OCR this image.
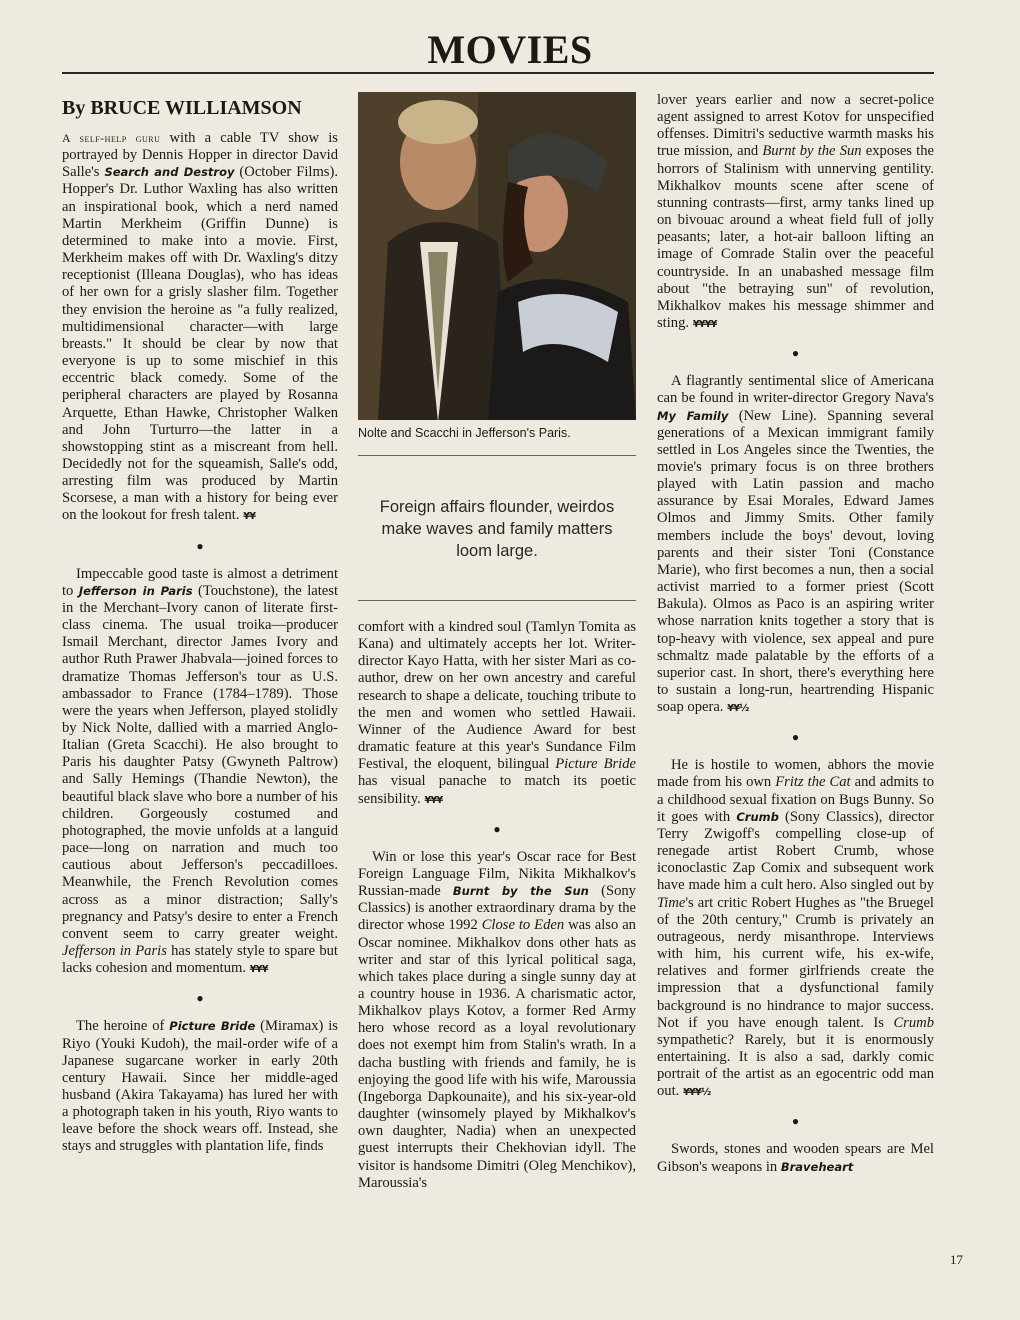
MOVIES
By BRUCE WILLIAMSON

A self-help guru with a cable TV show is portrayed by Dennis Hopper in director David Salle's Search and Destroy (October Films). Hopper's Dr. Luthor Waxling has also written an inspirational book, which a nerd named Martin Merkheim (Griffin Dunne) is determined to make into a movie. First, Merkheim makes off with Dr. Waxling's ditzy receptionist (Illeana Douglas), who has ideas of her own for a grisly slasher film. Together they envision the heroine as "a fully realized, multidimensional character—with large breasts." It should be clear by now that everyone is up to some mischief in this eccentric black comedy. Some of the peripheral characters are played by Rosanna Arquette, Ethan Hawke, Christopher Walken and John Turturro—the latter in a showstopping stint as a miscreant from hell. Decidedly not for the squeamish, Salle's odd, arresting film was produced by Martin Scorsese, a man with a history for being ever on the lookout for fresh talent. ¥¥

●

Impeccable good taste is almost a detriment to Jefferson in Paris (Touchstone), the latest in the Merchant–Ivory canon of literate first-class cinema. The usual troika—producer Ismail Merchant, director James Ivory and author Ruth Prawer Jhabvala—joined forces to dramatize Thomas Jefferson's tour as U.S. ambassador to France (1784–1789). Those were the years when Jefferson, played stolidly by Nick Nolte, dallied with a married Anglo-Italian (Greta Scacchi). He also brought to Paris his daughter Patsy (Gwyneth Paltrow) and Sally Hemings (Thandie Newton), the beautiful black slave who bore a number of his children. Gorgeously costumed and photographed, the movie unfolds at a languid pace—long on narration and much too cautious about Jefferson's peccadilloes. Meanwhile, the French Revolution comes across as a minor distraction; Sally's pregnancy and Patsy's desire to enter a French convent seem to carry greater weight. Jefferson in Paris has stately style to spare but lacks cohesion and momentum. ¥¥¥

●

The heroine of Picture Bride (Miramax) is Riyo (Youki Kudoh), the mail-order wife of a Japanese sugarcane worker in early 20th century Hawaii. Since her middle-aged husband (Akira Takayama) has lured her with a photograph taken in his youth, Riyo wants to leave before the shock wears off. Instead, she stays and struggles with plantation life, finds

Nolte and Scacchi in Jefferson's Paris.
Foreign affairs flounder, weirdos make waves and family matters loom large.

comfort with a kindred soul (Tamlyn Tomita as Kana) and ultimately accepts her lot. Writer-director Kayo Hatta, with her sister Mari as co-author, drew on her own ancestry and careful research to shape a delicate, touching tribute to the men and women who settled Hawaii. Winner of the Audience Award for best dramatic feature at this year's Sundance Film Festival, the eloquent, bilingual Picture Bride has visual panache to match its poetic sensibility. ¥¥¥

●

Win or lose this year's Oscar race for Best Foreign Language Film, Nikita Mikhalkov's Russian-made Burnt by the Sun (Sony Classics) is another extraordinary drama by the director whose 1992 Close to Eden was also an Oscar nominee. Mikhalkov dons other hats as writer and star of this lyrical political saga, which takes place during a single sunny day at a country house in 1936. A charismatic actor, Mikhalkov plays Kotov, a former Red Army hero whose record as a loyal revolutionary does not exempt him from Stalin's wrath. In a dacha bustling with friends and family, he is enjoying the good life with his wife, Maroussia (Ingeborga Dapkounaite), and his six-year-old daughter (winsomely played by Mikhalkov's own daughter, Nadia) when an unexpected guest interrupts their Chekhovian idyll. The visitor is handsome Dimitri (Oleg Menchikov), Maroussia's

lover years earlier and now a secret-police agent assigned to arrest Kotov for unspecified offenses. Dimitri's seductive warmth masks his true mission, and Burnt by the Sun exposes the horrors of Stalinism with unnerving gentility. Mikhalkov mounts scene after scene of stunning contrasts—first, army tanks lined up on bivouac around a wheat field full of jolly peasants; later, a hot-air balloon lifting an image of Comrade Stalin over the peaceful countryside. In an unabashed message film about "the betraying sun" of revolution, Mikhalkov makes his message shimmer and sting. ¥¥¥¥

●

A flagrantly sentimental slice of Americana can be found in writer-director Gregory Nava's My Family (New Line). Spanning several generations of a Mexican immigrant family settled in Los Angeles since the Twenties, the movie's primary focus is on three brothers played with Latin passion and macho assurance by Esai Morales, Edward James Olmos and Jimmy Smits. Other family members include the boys' devout, loving parents and their sister Toni (Constance Marie), who first becomes a nun, then a social activist married to a former priest (Scott Bakula). Olmos as Paco is an aspiring writer whose narration knits together a story that is top-heavy with violence, sex appeal and pure schmaltz made palatable by the efforts of a superior cast. In short, there's everything here to sustain a long-run, heartrending Hispanic soap opera. ¥¥½

●

He is hostile to women, abhors the movie made from his own Fritz the Cat and admits to a childhood sexual fixation on Bugs Bunny. So it goes with Crumb (Sony Classics), director Terry Zwigoff's compelling close-up of renegade artist Robert Crumb, whose iconoclastic Zap Comix and subsequent work have made him a cult hero. Also singled out by Time's art critic Robert Hughes as "the Bruegel of the 20th century," Crumb is privately an outrageous, nerdy misanthrope. Interviews with him, his current wife, his ex-wife, relatives and former girlfriends create the impression that a dysfunctional family background is no hindrance to major success. Not if you have enough talent. Is Crumb sympathetic? Rarely, but it is enormously entertaining. It is also a sad, darkly comic portrait of the artist as an egocentric odd man out. ¥¥¥½

●

Swords, stones and wooden spears are Mel Gibson's weapons in Braveheart

17
